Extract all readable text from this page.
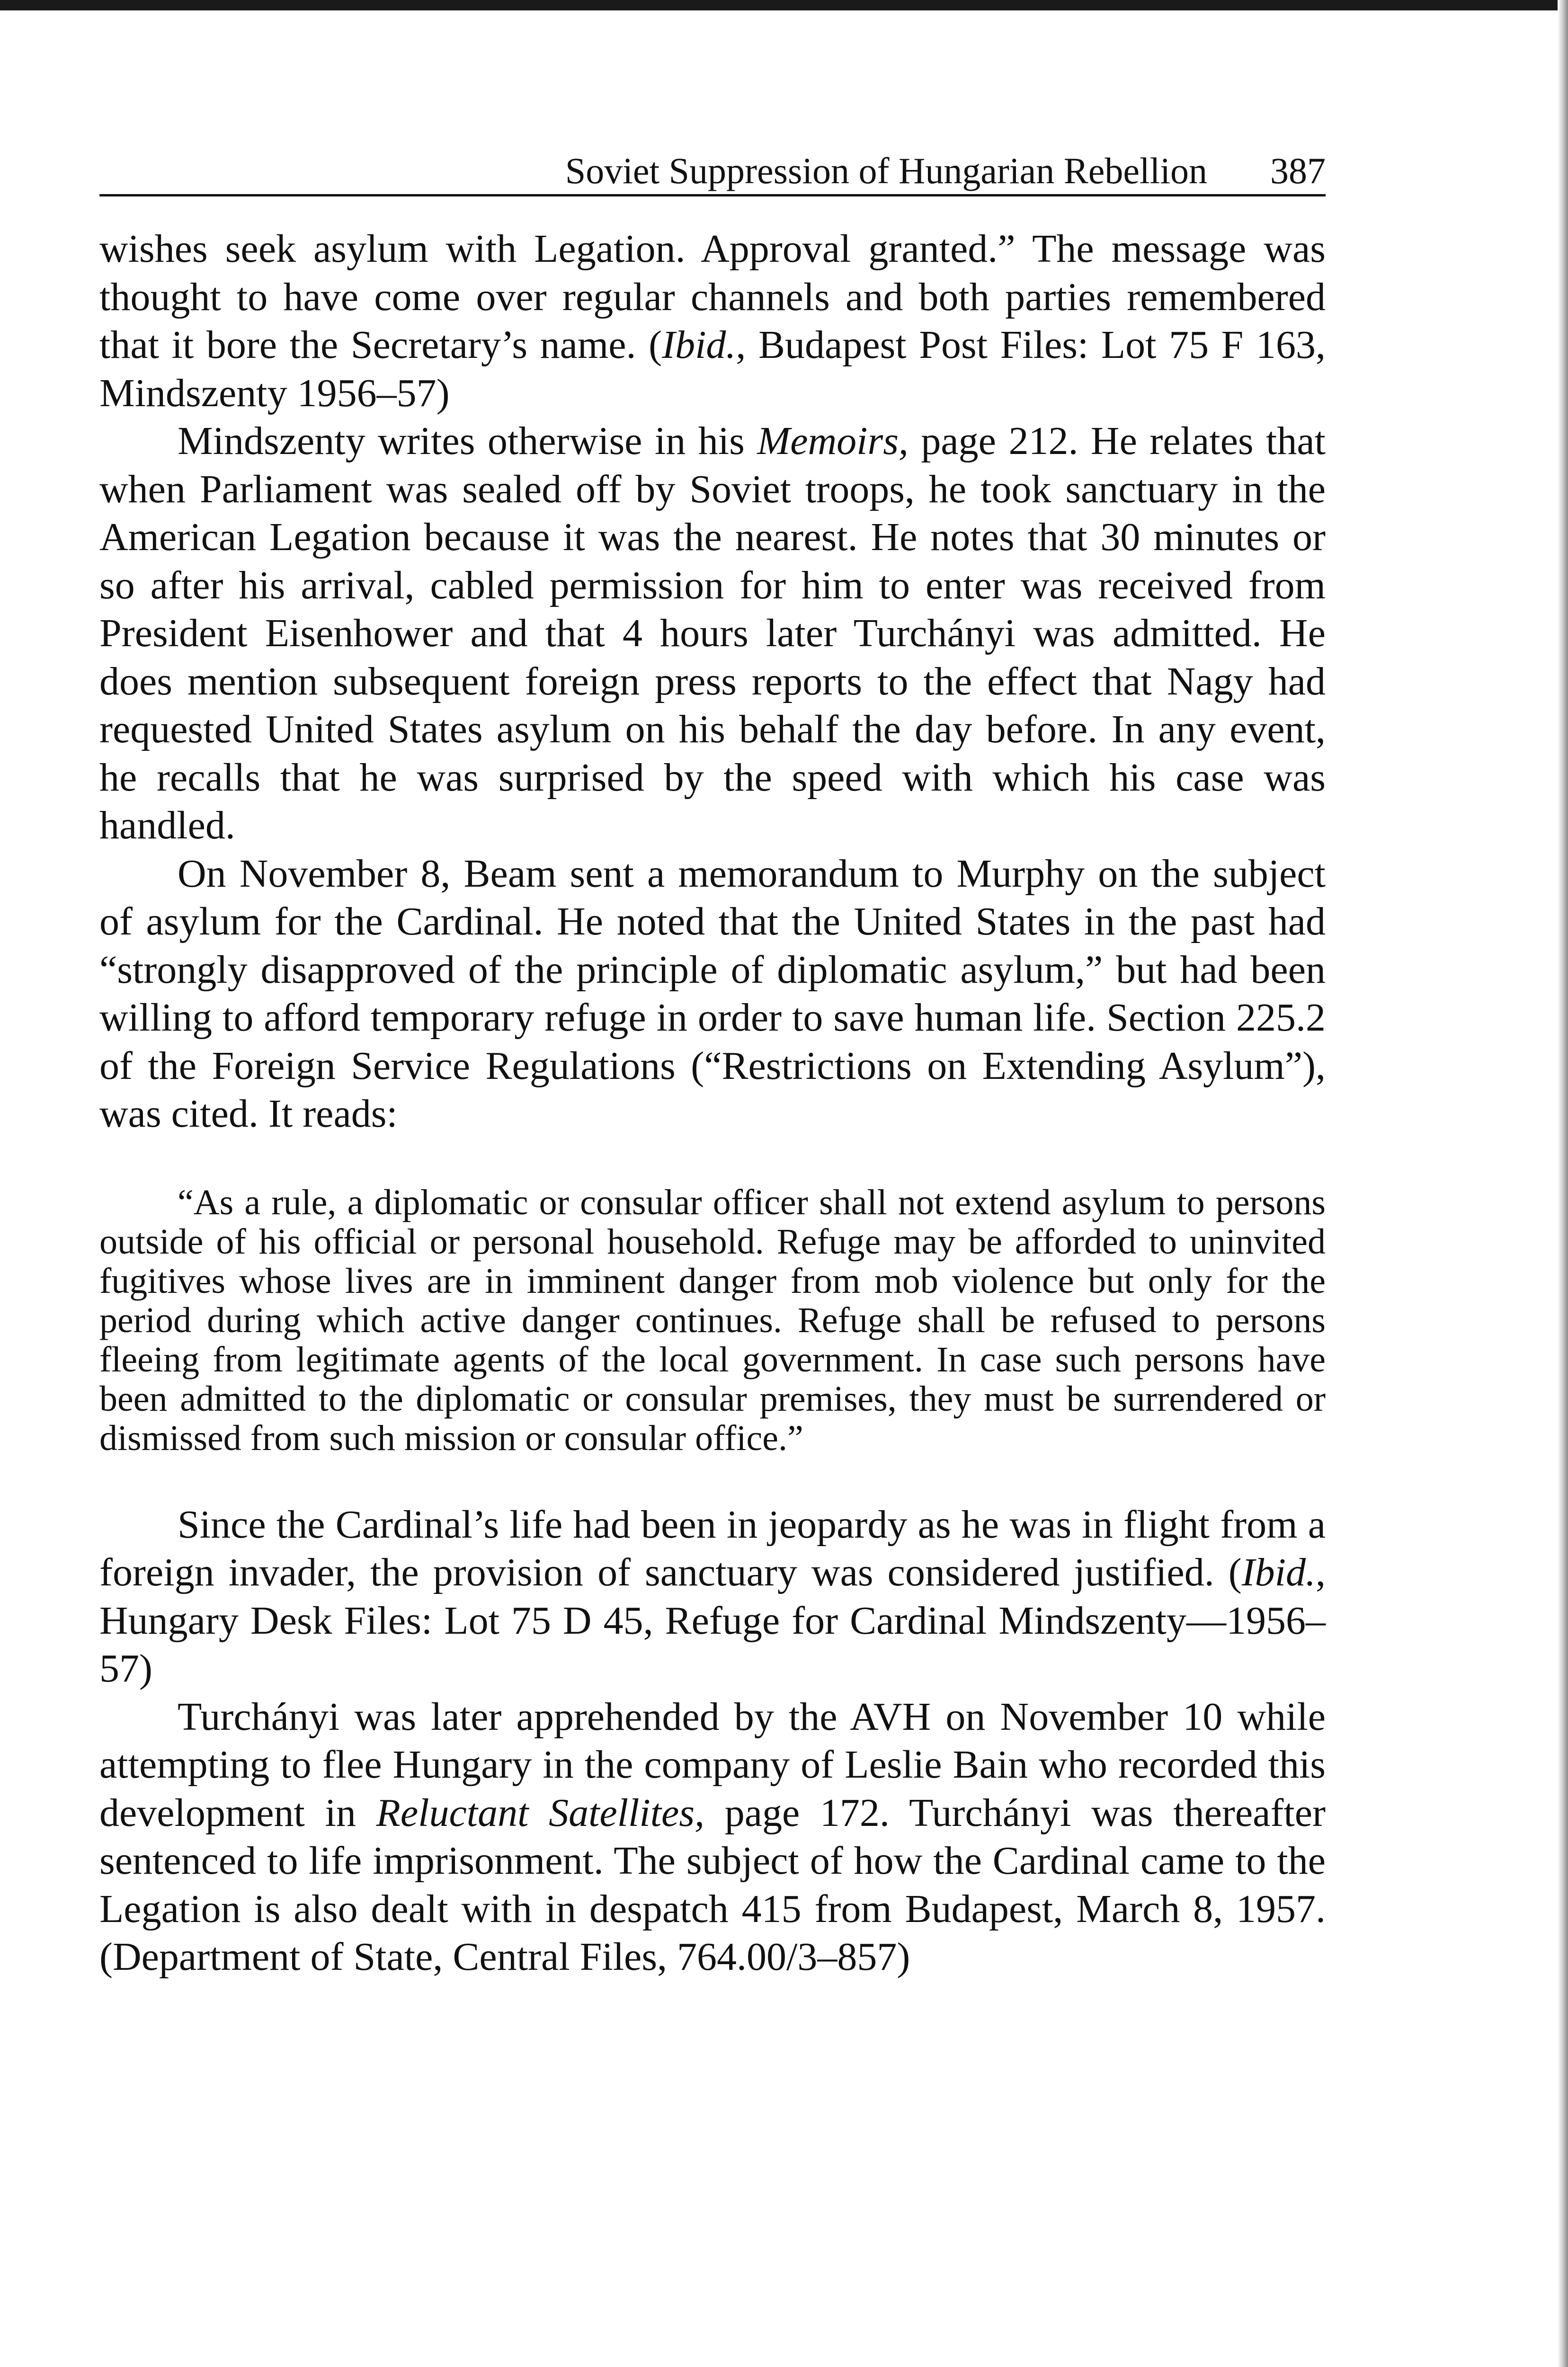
Soviet Suppression of Hungarian Rebellion 387

wishes seek asylum with Legation. Approval granted.” The message was thought to have come over regular channels and both parties remembered that it bore the Secretary’s name. (Ibid., Budapest Post Files: Lot 75 F 163, Mindszenty 1956–57)

Mindszenty writes otherwise in his Memoirs, page 212. He relates that when Parliament was sealed off by Soviet troops, he took sanctuary in the American Legation because it was the nearest. He notes that 30 minutes or so after his arrival, cabled permission for him to enter was received from President Eisenhower and that 4 hours later Turchányi was admitted. He does mention subsequent foreign press reports to the effect that Nagy had requested United States asylum on his behalf the day before. In any event, he recalls that he was surprised by the speed with which his case was handled.

On November 8, Beam sent a memorandum to Murphy on the subject of asylum for the Cardinal. He noted that the United States in the past had “strongly disapproved of the principle of diplomatic asylum,” but had been willing to afford temporary refuge in order to save human life. Section 225.2 of the Foreign Service Regulations (“Restrictions on Extending Asylum”), was cited. It reads:

“As a rule, a diplomatic or consular officer shall not extend asylum to persons outside of his official or personal household. Refuge may be afforded to uninvited fugitives whose lives are in imminent danger from mob violence but only for the period during which active danger continues. Refuge shall be refused to persons fleeing from legitimate agents of the local government. In case such persons have been admitted to the diplomatic or consular premises, they must be surrendered or dismissed from such mission or consular office.”

Since the Cardinal’s life had been in jeopardy as he was in flight from a foreign invader, the provision of sanctuary was considered justified. (Ibid., Hungary Desk Files: Lot 75 D 45, Refuge for Cardinal Mindszenty—1956–57)

Turchányi was later apprehended by the AVH on November 10 while attempting to flee Hungary in the company of Leslie Bain who recorded this development in Reluctant Satellites, page 172. Turchányi was thereafter sentenced to life imprisonment. The subject of how the Cardinal came to the Legation is also dealt with in despatch 415 from Budapest, March 8, 1957. (Department of State, Central Files, 764.00/3–857)
